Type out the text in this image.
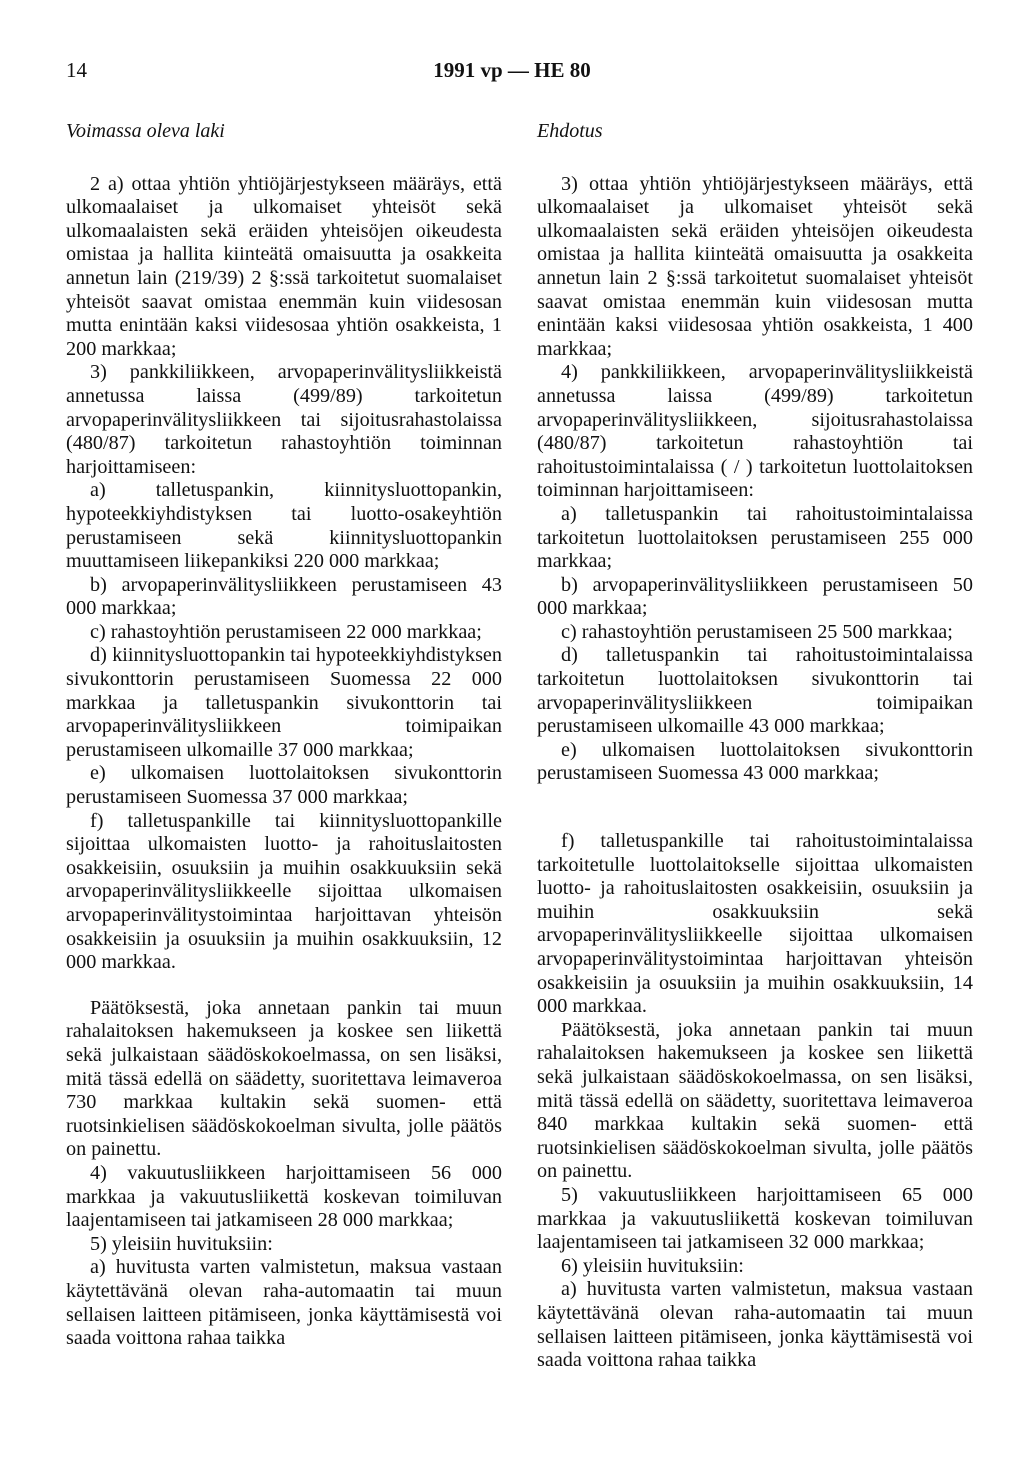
14	1991 vp — HE 80
Voimassa oleva laki

2 a) ottaa yhtiön yhtiöjärjestykseen määräys, että ulkomaalaiset ja ulkomaiset yhteisöt sekä ulkomaalaisten sekä eräiden yhteisöjen oikeudesta omistaa ja hallita kiinteätä omaisuutta ja osakkeita annetun lain (219/39) 2 §:ssä tarkoitetut suomalaiset yhteisöt saavat omistaa enemmän kuin viidesosan mutta enintään kaksi viidesosaa yhtiön osakkeista, 1 200 markkaa;

3) pankkiliikkeen, arvopaperinvälitysliikkeistä annetussa laissa (499/89) tarkoitetun arvopaperinvälitysliikkeen tai sijoitusrahastolaissa (480/87) tarkoitetun rahastoyhtiön toiminnan harjoittamiseen:

a) talletuspankin, kiinnitysluottopankin, hypoteekkiyhdistyksen tai luotto-osakeyhtiön perustamiseen sekä kiinnitysluottopankin muuttamiseen liikepankiksi 220 000 markkaa;

b) arvopaperinvälitysliikkeen perustamiseen 43 000 markkaa;

c) rahastoyhtiön perustamiseen 22 000 markkaa;

d) kiinnitysluottopankin tai hypoteekkiyhdistyksen sivukonttorin perustamiseen Suomessa 22 000 markkaa ja talletuspankin sivukonttorin tai arvopaperinvälitysliikkeen toimipaikan perustamiseen ulkomaille 37 000 markkaa;

e) ulkomaisen luottolaitoksen sivukonttorin perustamiseen Suomessa 37 000 markkaa;

f) talletuspankille tai kiinnitysluottopankille sijoittaa ulkomaisten luotto- ja rahoituslaitosten osakkeisiin, osuuksiin ja muihin osakkuuksiin sekä arvopaperinvälitysliikkeelle sijoittaa ulkomaisen arvopaperinvälitystoimintaa harjoittavan yhteisön osakkeisiin ja osuuksiin ja muihin osakkuuksiin, 12 000 markkaa.

Päätöksestä, joka annetaan pankin tai muun rahalaitoksen hakemukseen ja koskee sen liikettä sekä julkaistaan säädöskokoelmassa, on sen lisäksi, mitä tässä edellä on säädetty, suoritettava leimaveroa 730 markkaa kultakin sekä suomen- että ruotsinkielisen säädöskokoelman sivulta, jolle päätös on painettu.

4) vakuutusliikkeen harjoittamiseen 56 000 markkaa ja vakuutusliikettä koskevan toimiluvan laajentamiseen tai jatkamiseen 28 000 markkaa;

5) yleisiin huvituksiin:

a) huvitusta varten valmistetun, maksua vastaan käytettävänä olevan raha-automaatin tai muun sellaisen laitteen pitämiseen, jonka käyttämisestä voi saada voittona rahaa taikka

Ehdotus

3) ottaa yhtiön yhtiöjärjestykseen määräys, että ulkomaalaiset ja ulkomaiset yhteisöt sekä ulkomaalaisten sekä eräiden yhteisöjen oikeudesta omistaa ja hallita kiinteätä omaisuutta ja osakkeita annetun lain 2 §:ssä tarkoitetut suomalaiset yhteisöt saavat omistaa enemmän kuin viidesosan mutta enintään kaksi viidesosaa yhtiön osakkeista, 1 400 markkaa;

4) pankkiliikkeen, arvopaperinvälitysliikkeistä annetussa laissa (499/89) tarkoitetun arvopaperinvälitysliikkeen, sijoitusrahastolaissa (480/87) tarkoitetun rahastoyhtiön tai rahoitustoimintalaissa ( / ) tarkoitetun luottolaitoksen toiminnan harjoittamiseen:

a) talletuspankin tai rahoitustoimintalaissa tarkoitetun luottolaitoksen perustamiseen 255 000 markkaa;

b) arvopaperinvälitysliikkeen perustamiseen 50 000 markkaa;

c) rahastoyhtiön perustamiseen 25 500 markkaa;

d) talletuspankin tai rahoitustoimintalaissa tarkoitetun luottolaitoksen sivukonttorin tai arvopaperinvälitysliikkeen toimipaikan perustamiseen ulkomaille 43 000 markkaa;

e) ulkomaisen luottolaitoksen sivukonttorin perustamiseen Suomessa 43 000 markkaa;

f) talletuspankille tai rahoitustoimintalaissa tarkoitetulle luottolaitokselle sijoittaa ulkomaisten luotto- ja rahoituslaitosten osakkeisiin, osuuksiin ja muihin osakkuuksiin sekä arvopaperinvälitysliikkeelle sijoittaa ulkomaisen arvopaperinvälitystoimintaa harjoittavan yhteisön osakkeisiin ja osuuksiin ja muihin osakkuuksiin, 14 000 markkaa.

Päätöksestä, joka annetaan pankin tai muun rahalaitoksen hakemukseen ja koskee sen liikettä sekä julkaistaan säädöskokoelmassa, on sen lisäksi, mitä tässä edellä on säädetty, suoritettava leimaveroa 840 markkaa kultakin sekä suomen- että ruotsinkielisen säädöskokoelman sivulta, jolle päätös on painettu.

5) vakuutusliikkeen harjoittamiseen 65 000 markkaa ja vakuutusliikettä koskevan toimiluvan laajentamiseen tai jatkamiseen 32 000 markkaa;

6) yleisiin huvituksiin:

a) huvitusta varten valmistetun, maksua vastaan käytettävänä olevan raha-automaatin tai muun sellaisen laitteen pitämiseen, jonka käyttämisestä voi saada voittona rahaa taikka
